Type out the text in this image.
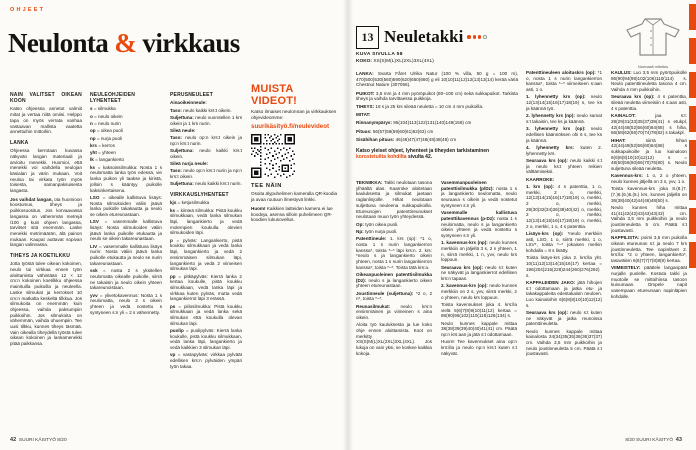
OHJEET
Neulonta & virkkaus
NÄIN VALITSET OIKEAN KOON

Katso ohjeessa annetut valmiit mitat ja vertaa niitä omiisi. Helppo tapa on myös verrata vanhaa vastaavan mallista vaatetta annettuihin mittoihin.

LANKA

Ohjeessa kerrotaan kuvassa näkyvän langan materiaali ja arvioitu menekki. Huomioi, että menekki voi vaihdella neulojan käsialan ja värin mukaan. Voit neuloa tai virkata työn myös toisesta, samanpaksuisesta langasta.

Jos vaihdat langan, ota huomioon koostumus, tiheys ja puikkosuositus. Jos korvaavassa langassa on vähemmän metrejä /100 g kuin ohjeen langassa, tarvitset sitä enemmän. Laske menekki metrimäärän, älä painon mukaan. Kaupat auttavat sopivan langan valinnassa.

TIHEYS JA KOETILKKU

Jotta työstä tulee oikean kokoinen, neulo tai virkkaa ennen työn aloittamista vähintään 12 × 12 cm:n kokoinen koetilkku ohjeessa mainituilla puikoilla ja neuleella. Laske silmukat ja kerrokset 10 cm:n matkalta keskeltä tilkkua. Jos silmukoita on enemmän kuin ohjeessa, vaihda paksumpiin puikkoihin. Jos silmukoita on vähemmän, vaihda ohuempiin. Tee uusi tilkku, kunnes tiheys täsmää. Vain oikealla tiheydellä työstä tulee oikean kokoinen ja lankamenekki pitää paikkansa.

NEULEOHJEIDEN LYHENTEET

s = silmukka

o = neulo oikein

n = neulo nurin

op = oikea puoli

np = nurja puoli

krs = kerros

yht = yhteen

lk = langankierto

ks = kaksoissilmukka: Nosta 1 s neulomatta lanka työn edessä, vie lanka puikon yli taakse ja kiristä, jolloin s kääntyy puikolle kaksinkertaisena.

LSO = oikealle kallistuva lisäys: Nosta silmukoiden väliin jäävä lanka puikolle takakautta ja neulo se oikein etureunastaan.

LSV = vasemmalle kallistuva lisäys: Nosta silmukoiden väliin jäävä lanka puikolle etukautta ja neulo se oikein takareunastaan.

LIV = vasemmalle kallistuva lisäys nurin: Nosta väliin jäävä lanka puikolle etukautta ja neulo se nurin takareunastaan.

ssk = nosta 2 s yksitellen neulomatta oikealle puikolle, siirrä ne takaisin ja neulo oikein yhteen takareunoistaan.

yvv = ylivetokavennus: Nosta 1 s neulomatta, neulo 2 s oikein yhteen ja vedä nostettu s syntyneen s:n yli = 2 s vähennetty.

PERUSNEULEET

Ainaoikeinneule:

Taso: neulo kaikki krs:t oikein.

Suljettuna: neulo vuorotellen 1 krs oikein ja 1 krs nurin.

Sileä neule:

Taso: neulo op:n krs:t oikein ja np:n krs:t nurin.

Suljettuna: neulo kaikki krs:t oikein.

Sileä nurja neule:

Taso: neulo op:n krs:t nurin ja np:n krs:t oikein.

Suljettuna: neulo kaikki krs:t nurin.

VIRKKAUSLYHENTEET

kjs = ketjusilmukka

ks = kiinteä silmukka: Pistä koukku silmukkaan, vedä lanka silmukan läpi, langankierto ja vedä molempien koukulla olevien silmukoiden läpi.

p = pylväs: Langankierto, pistä koukku silmukkaan ja vedä lanka läpi, langankierto ja vedä 2 ensimmäisen silmukan läpi, langankierto ja vedä 2 viimeisen silmukan läpi.

pp = pitkäpylväs: Kierrä lanka 2 kertaa koukulle, pistä koukku silmukkaan, vedä lanka läpi ja virkkaa kuten pylväs, mutta vedä langankierrot läpi 3 erässä.

ps = piilosilmukka: Pistä koukku silmukkaan ja vedä lanka sekä silmukan että koukulla olevan silmukan läpi.

puolip = puolipylväs: Kierrä lanka koukulle, pistä koukku silmukkaan, vedä lanka läpi, langankierto ja vedä kaikkien 3 silmukan läpi.

vp = vastapylväs: virkkaa pylväät edellisen krs:n pylväiden ympäri työn takaa.

MUISTA VIDEOT!

Katso ilmaiset neulonnan ja virkkauksen ohjevideomme:

suurikäsityö.fi/neulevideot
TEE NÄIN

Osoita älypuhelimen kameralla QR-koodia ja avaa ruutuun ilmestyvä linkki.

Huom! Kaikkien laitteiden kamera ei lue koodeja, asenna silloin puhelimeen QR-koodien lukusovellus.

42 SUURI KÄSITYÖ 8/20
13 Neuletakki
KUVA SIVULLA 58
KOKO: XS(S)M(L)XL(2XL)3XL(4XL)
Normaali mitoitus

LANKA: Svarta Fåret Ulrika Natur (100 % villa, 50 g = 100 m), 470(500)530(560)590(620)650(680) g eli 10(10)11(12)12(13)13(14) kerää väriä Chestnut Nature (307056).

PUIKOT: 3,5 mm ja 4 mm pyöröpuikot (80–100 cm) sekä sukkapuikot. Tarkista tiheys ja vaihda tarvittaessa puikkoja.

TIHEYS: 18 s ja 25 krs sileää neuletta = 10 cm 4 mm puikoilla.

MITAT:

Rinnanympärys: 95(104)113(122)131(140)149(158) cm

Pituus: 56(57)58(59)60(61)62(63) cm

Sisähihan pituus: 46(46)47(47)48(48)48(48) cm

Katso yleiset ohjeet, lyhenteet ja tiheyden tarkistaminen korostetuilta kohdilta sivulta 42.

TEKNIIKKA: Takki neulotaan tasona ylhäältä alas. Kaarroke aloitetaan kauluksesta ja silmukat jaetaan raglanlinjoille. Hihat neulotaan suljettuna neuleena sukkapuikoilla. Etureunojen patenttireunukset neulotaan muun työn yhteydessä.

Op: työn oikea puoli.

Np: työn nurja puoli.

Patenttineule: 1. krs (op): *1 o, nosta 1 s nurin langankierron kanssa*, toista *–* läpi krs:n. 2. krs: *neulo s ja langankierto oikein yhteen, nosta 1 s nurin langankierron kanssa*, toista *–*. Toista tätä krs:a.

Oikeanpuoleinen patenttisilmukka (Dz): neulo s ja langankierto oikein yhteen etureunastaan.

Joustinneule (suljettuna): *2 o, 2 n*, toista *–*.

Reunasilmukat: neulo krs:n ensimmäinen ja viimeinen s aina oikein.

Aloita työ kauluksesta ja lue koko ohje ennen aloittamista. Koot on merkitty XS(S)M(L)XL(2XL)3XL(4XL). Jos lukuja on vain yksi, se koskee kaikkia kokoja.

Vasemmanpuoleinen patenttisilmukka (p/Dz): nosta 1 s ja langankierto neulomatta, neulo seuraava s oikein ja vedä nostetut syntyneen s:n yli.

Vasemmalle kallistuva patenttikavennus (p-Dz): nosta 1 s neulomatta, neulo s ja langankierto oikein yhteen ja vedä nostettu s syntyneen s:n yli.

1. kavennus-krs (np): neulo kunnes merkkiin on jäljellä 3 s, 2 n yhteen, 1 n, siirrä merkki, 1 n, yvv, neulo krs loppuun.

Seuraava krs (op): neulo s:t kuten ne näkyvät ja langankierrot edellisen krs:n tapaan.

2. kavennus-krs (op): neulo kunnes merkkiin on 2 s, yvv, siirrä merkki, 2 o yhteen, neulo krs loppuun.

Toista kavennukset joka 4. krs:lla vielä 5(6)7(8)9(10)11(12) kertaa = 86(90)96(102)110(118)126(134) s.

Neulo kunnes kappale mittaa 38(38)39(39)40(40)41(41) cm. Päätä np:n krs:aan ja jätä s:t odottamaan.

Huom! Tee kavennukset aina op:n krs:illa ja neulo np:n krs:t kuten s:t näkyvät.

Patenttineuleen aloituskrs (op): *1 o, nosta 1 s nurin langankierron kanssa*, toista *–* viimeiseen s:aan asti, 1 o.

1. lyhennetty krs (op): neulo 12(13)14(15)16(17)18(19) s, tee ks ja käännä työ.

2. lyhennetty krs (np): neulo samat s:t takaisin, tee ks ja käännä.

3. lyhennetty krs (op): neulo edellisen käännöksen ohi 6 s, tee ks ja käännä.

4. lyhennetty krs: kuten 2. lyhennetty krs.

Seuraava krs (op): neulo kaikki s:t ja neulo ks:t yhteen reikien välttämiseksi.

KAARROKE:

1. krs (op): 4 s patenttia, 1 o, merkki, 2 o, merkki, 12(13)14(15)16(17)18(19) o, merkki, 2 o, merkki, 28(30)32(34)36(38)40(42) o, merkki, 2 o, merkki, 12(13)14(15)16(17)18(19) o, merkki, 2 o, merkki, 1 o, 4 s patenttia.

Lisäys-krs (op): *neulo merkkiin asti, LSO, 1 o, siirrä merkki, 1 o, LSV*, toista *–* jokaisen merkin kohdalla = 8 s lisätty.

Toista lisäys-krs joka 2. krs:lla yht. 10(11)12(13)14(15)16(17) kertaa = 196(204)216(228)244(260)276(292) s.

KAPPALEIDEN JAKO: jätä hihojen s:t odottamaan ja jatka etu- ja takakappaleita edestakaisin neuloen. Luo kainaloihin 6(6)8(8)10(10)12(12) s.

Seuraava krs (op): neulo s:t kuten ne näkyvät ja jatka reunoissa patenttineuletta.

Neulo kunnes kappale mittaa kainalosta 34(34)35(35)36(36)37(37) cm. Vaihda 3,5 mm puikkoihin ja neulo joustinneuletta 5 cm. Päätä s:t joustavasti.

KAULUS: Luo 3,5 mm pyöröpuikolle 86(90)94(98)102(106)110(114) s. Neulo patenttineuletta tasona 4 cm. Vaihda 4 mm puikkoihin.

Seuraava krs (op): 4 s patenttia, sileää neuletta viimeisiin 4 s:aan asti, 4 s patenttia.

KAINALOT:	jaa s:t: 28(29)31(33)35(37)39(41) s etukpl, 42(44)48(52)56(60)64(68) s hiha, 56(58)62(66)70(74)78(82) s takakpl.

HIHAT:	siirrä hihan 42(44)48(52)56(60)64(68) s sukkapuikoille ja luo kainaloon 6(6)8(8)10(10)12(12) s = 48(50)56(60)66(70)76(80) s. Neulo suljettuna sileää neuletta.

Kavennus-krs: 1 o, 2 o yhteen, neulo kunnes jäljellä on 3 s, yvv, 1 o.

Toista kavennus-krs joka 8.(8.)7.(7.)6.(6.)5.(5.) krs, kunnes jäljellä on 36(38)40(42)44(46)48(50) s.

Neulo kunnes hiha mittaa 41(41)42(42)43(43)43(43) cm. Vaihda 3,5 mm puikkoihin ja neulo joustinneuletta 5 cm. Päätä s:t joustavasti.

NAPPILISTA: poimi 3,5 mm puikolla oikean etureunan s:t ja neulo 7 krs joustinneuletta. Tee napinlävet 2. krs:lla: *2 o yhteen, langankierto*, tasavälein 6(6)7(7)7(8)8(8) kertaa.

VIIMEISTELY: päättele langanpäät nurjalle puolelle. Kostuta takki ja muotoile se mittoihinsa tasoon kuivumaan. Ompele napit vasempaan etureunaan napinläpien kohdalle.

8/20 SUURI KÄSITYÖ 43
